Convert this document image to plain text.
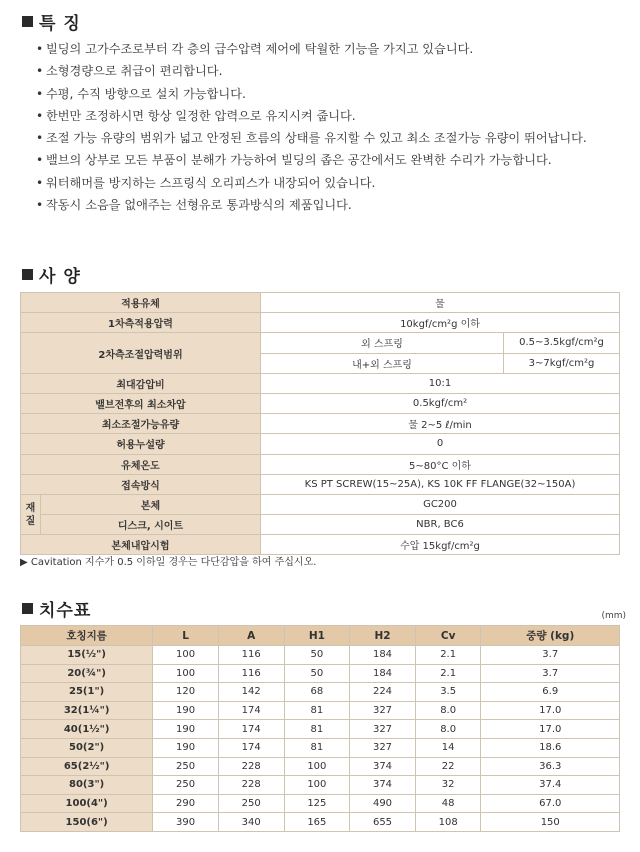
특 징
• 빌딩의 고가수조로부터 각 층의 급수압력 제어에 탁월한 기능을 가지고 있습니다.
• 소형경량으로 취급이 편리합니다.
• 수평, 수직 방향으로 설치 가능합니다.
• 한번만 조정하시면 항상 일정한 압력으로 유지시켜 줍니다.
• 조절 가능 유량의 범위가 넓고 안정된 흐름의 상태를 유지할 수 있고 최소 조절가능 유량이 뛰어납니다.
• 밸브의 상부로 모든 부품이 분해가 가능하여 빌딩의 좁은 공간에서도 완벽한 수리가 가능합니다.
• 워터해머를 방지하는 스프링식 오리피스가 내장되어 있습니다.
• 작동시 소음을 없애주는 선형유로 통과방식의 제품입니다.
사 양
적용유체		물	
1차측적용압력		10kgf/cm²g 이하	
2차측조절압력범위		외 스프링	0.5~3.5kgf/cm²g
		내+외 스프링	3~7kgf/cm²g
최대감압비		10:1	
밸브전후의 최소차압		0.5kgf/cm²	
최소조절가능유량		물 2~5 ℓ/min	
허용누설량		0	
유체온도		5~80°C 이하	
접속방식		KS PT SCREW(15~25A), KS 10K FF FLANGE(32~150A)	
재질	본체	GC200	
	디스크, 시이트	NBR, BC6	
본체내압시험		수압 15kgf/cm²g	
▶ Cavitation 지수가 0.5 이하일 경우는 다단감압을 하여 주십시오.
치수표	(mm)
호칭지름	L	A	H1	H2	Cv	중량 (kg)
15(½")	100	116	50	184	2.1	3.7
20(¾")	100	116	50	184	2.1	3.7
25(1")	120	142	68	224	3.5	6.9
32(1¼")	190	174	81	327	8.0	17.0
40(1½")	190	174	81	327	8.0	17.0
50(2")	190	174	81	327	14	18.6
65(2½")	250	228	100	374	22	36.3
80(3")	250	228	100	374	32	37.4
100(4")	290	250	125	490	48	67.0
150(6")	390	340	165	655	108	150
